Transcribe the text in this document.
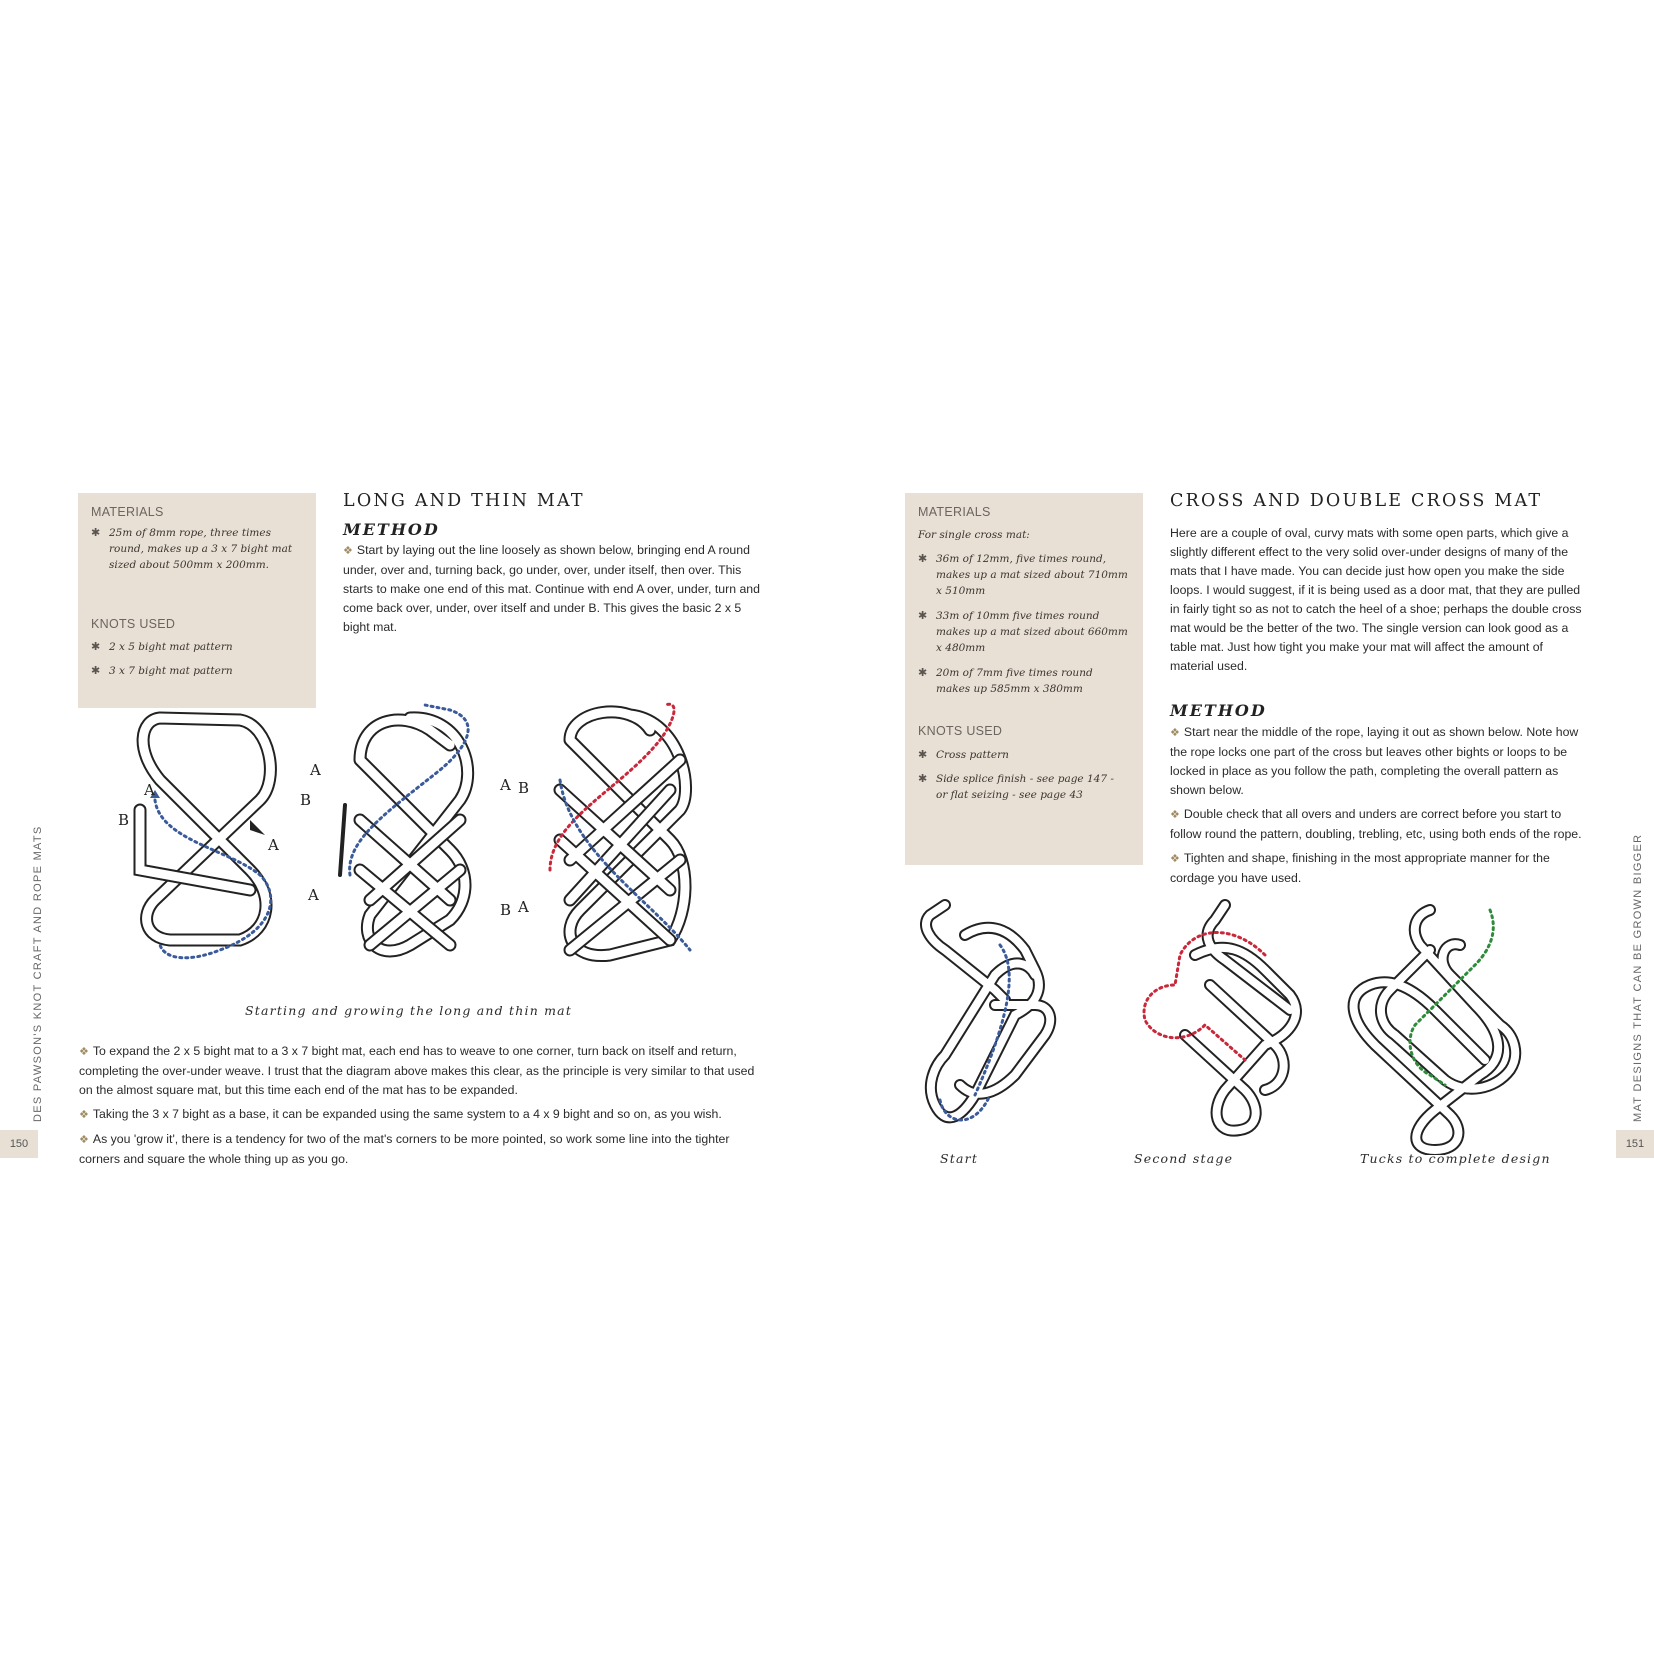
MATERIALS
✱ 25m of 8mm rope, three times round, makes up a 3 x 7 bight mat sized about 500mm x 200mm.
KNOTS USED
✱ 2 x 5 bight mat pattern
✱ 3 x 7 bight mat pattern
LONG AND THIN MAT
METHOD

❖ Start by laying out the line loosely as shown below, bringing end A round under, over and, turning back, go under, over, under itself, then over. This starts to make one end of this mat. Continue with end A over, under, turn and come back over, under, over itself and under B. This gives the basic 2 x 5 bight mat.

A
B
A
A
B
A
A B
B A
Starting and growing the long and thin mat

❖ To expand the 2 x 5 bight mat to a 3 x 7 bight mat, each end has to weave to one corner, turn back on itself and return, completing the over-under weave. I trust that the diagram above makes this clear, as the principle is very similar to that used on the almost square mat, but this time each end of the mat has to be expanded.

❖ Taking the 3 x 7 bight as a base, it can be expanded using the same system to a 4 x 9 bight and so on, as you wish.

❖ As you 'grow it', there is a tendency for two of the mat's corners to be more pointed, so work some line into the tighter corners and square the whole thing up as you go.

150
DES PAWSON'S KNOT CRAFT AND ROPE MATS
MATERIALS
For single cross mat:
✱ 36m of 12mm, five times round, makes up a mat sized about 710mm x 510mm
✱ 33m of 10mm five times round makes up a mat sized about 660mm x 480mm
✱ 20m of 7mm five times round makes up 585mm x 380mm
KNOTS USED
✱ Cross pattern
✱ Side splice finish - see page 147 - or flat seizing - see page 43
CROSS AND DOUBLE CROSS MAT
Here are a couple of oval, curvy mats with some open parts, which give a slightly different effect to the very solid over-under designs of many of the mats that I have made. You can decide just how open you make the side loops. I would suggest, if it is being used as a door mat, that they are pulled in fairly tight so as not to catch the heel of a shoe; perhaps the double cross mat would be the better of the two. The single version can look good as a table mat. Just how tight you make your mat will affect the amount of material used.
METHOD

❖ Start near the middle of the rope, laying it out as shown below. Note how the rope locks one part of the cross but leaves other bights or loops to be locked in place as you follow the path, completing the overall pattern as shown below.

❖ Double check that all overs and unders are correct before you start to follow round the pattern, doubling, trebling, etc, using both ends of the rope.

❖ Tighten and shape, finishing in the most appropriate manner for the cordage you have used.

Start	Second stage	Tucks to complete design
151
MAT DESIGNS THAT CAN BE GROWN BIGGER
